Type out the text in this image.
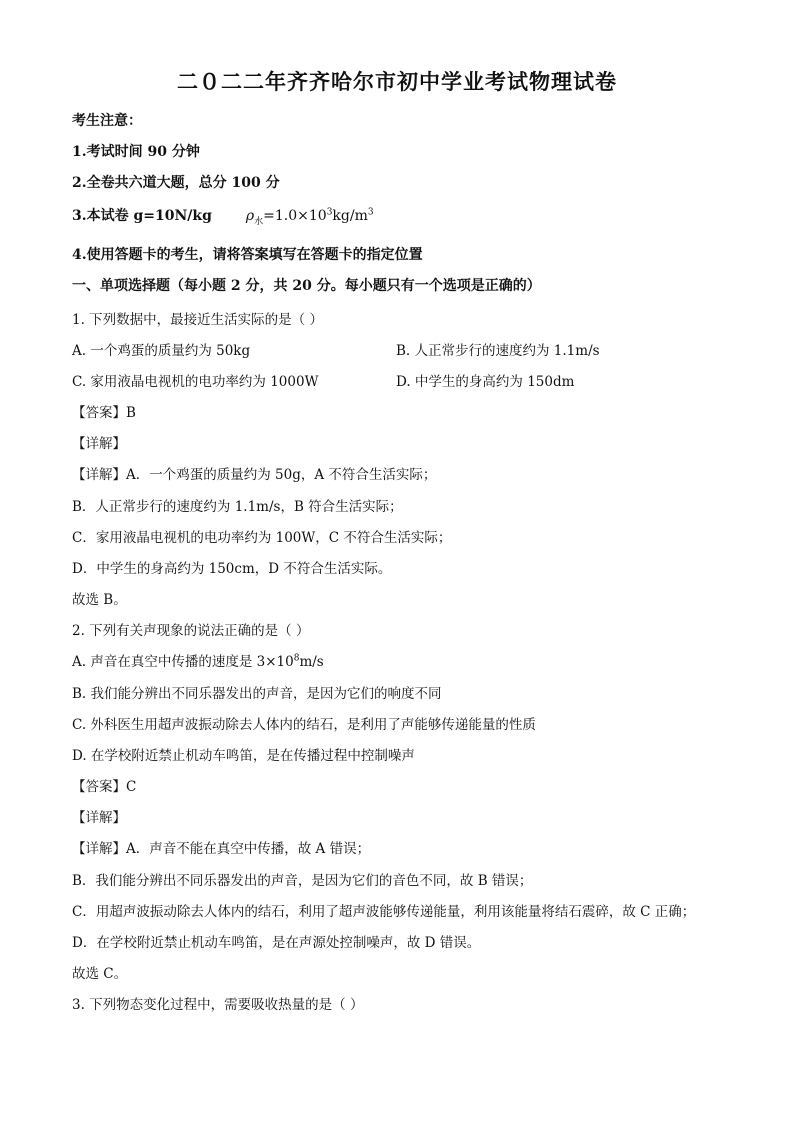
二０二二年齐齐哈尔市初中学业考试物理试卷
考生注意：
1.考试时间 90 分钟
2.全卷共六道大题，总分 100 分
3.本试卷 g=10N/kg $\rho_水=1.0\times 10^3kg/m^3$
4.使用答题卡的考生，请将答案填写在答题卡的指定位置
一、单项选择题（每小题 2 分，共 20 分。每小题只有一个选项是正确的）
1. 下列数据中，最接近生活实际的是（ ）
A. 一个鸡蛋的质量约为 50kg	B. 人正常步行的速度约为 1.1m/s
C. 家用液晶电视机的电功率约为 1000W	D. 中学生的身高约为 150dm
【答案】B
【详解】
【详解】A．一个鸡蛋的质量约为 50g，A 不符合生活实际；
B．人正常步行的速度约为 1.1m/s，B 符合生活实际；
C．家用液晶电视机的电功率约为 100W，C 不符合生活实际；
D．中学生的身高约为 150cm，D 不符合生活实际。
故选 B。
2. 下列有关声现象的说法正确的是（ ）
A. 声音在真空中传播的速度是 $3\times 10^8m/s$
B. 我们能分辨出不同乐器发出的声音，是因为它们的响度不同
C. 外科医生用超声波振动除去人体内的结石，是利用了声能够传递能量的性质
D. 在学校附近禁止机动车鸣笛，是在传播过程中控制噪声
【答案】C
【详解】
【详解】A．声音不能在真空中传播，故 A 错误；
B．我们能分辨出不同乐器发出的声音，是因为它们的音色不同，故 B 错误；
C．用超声波振动除去人体内的结石，利用了超声波能够传递能量，利用该能量将结石震碎，故 C 正确；
D．在学校附近禁止机动车鸣笛，是在声源处控制噪声，故 D 错误。
故选 C。
3. 下列物态变化过程中，需要吸收热量的是（ ）
